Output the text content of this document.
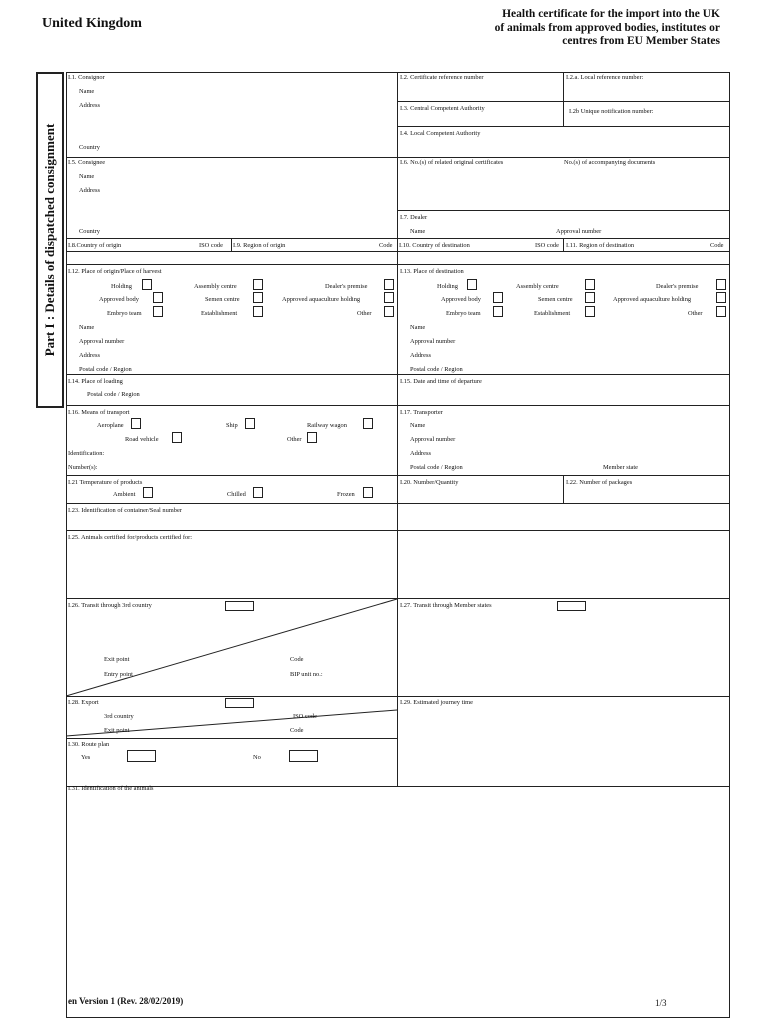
United Kingdom
Health certificate for the import into the UK
of animals from approved bodies, institutes or
centres from EU Member States
Part I : Details of dispatched consignment
I.1. Consignor
Name
Address
Country
I.2. Certificate reference number	I.2.a. Local reference number:
I.3. Central Competent Authority	I.2b Unique notification number:
I.4. Local Competent Authority
I.5. Consignee
Name
Address
Country
I.6. No.(s) of related original certificates	No.(s) of accompanying documents
I.7. Dealer
Name	Approval number
I.8.Country of origin	ISO code I.9. Region of origin	Code I.10. Country of destination	ISO code I.11. Region of destination	Code
I.12. Place of origin/Place of harvest
Holding	Assembly centre	Dealer's premise
Approved body	Semen centre	Approved aquaculture holding
Embryo team	Establishment	Other
Name
Approval number
Address
Postal code / Region
I.13. Place of destination
Holding	Assembly centre	Dealer's premise
Approved body	Semen centre	Approved aquaculture holding
Embryo team	Establishment	Other
Name
Approval number
Address
Postal code / Region
I.14. Place of loading
Postal code / Region
I.15. Date and time of departure
I.16. Means of transport
Aeroplane	Ship	Railway wagon
Road vehicle	Other
Identification:
Number(s):
I.17. Transporter
Name
Approval number
Address
Postal code / Region	Member state
I.21 Temperature of products
Ambient	Chilled	Frozen
I.20. Number/Quantity	I.22. Number of packages
I.23. Identification of container/Seal number
I.25. Animals certified for/products certified for:
I.26. Transit through 3rd country
Exit point
Entry point
Code
BIP unit no.:
I.27. Transit through Member states
I.28. Export
3rd country	ISO code
Exit point	Code
I.29. Estimated journey time
I.30. Route plan
Yes	No
I.31. Identification of the animals
en Version 1 (Rev. 28/02/2019)	1/3
